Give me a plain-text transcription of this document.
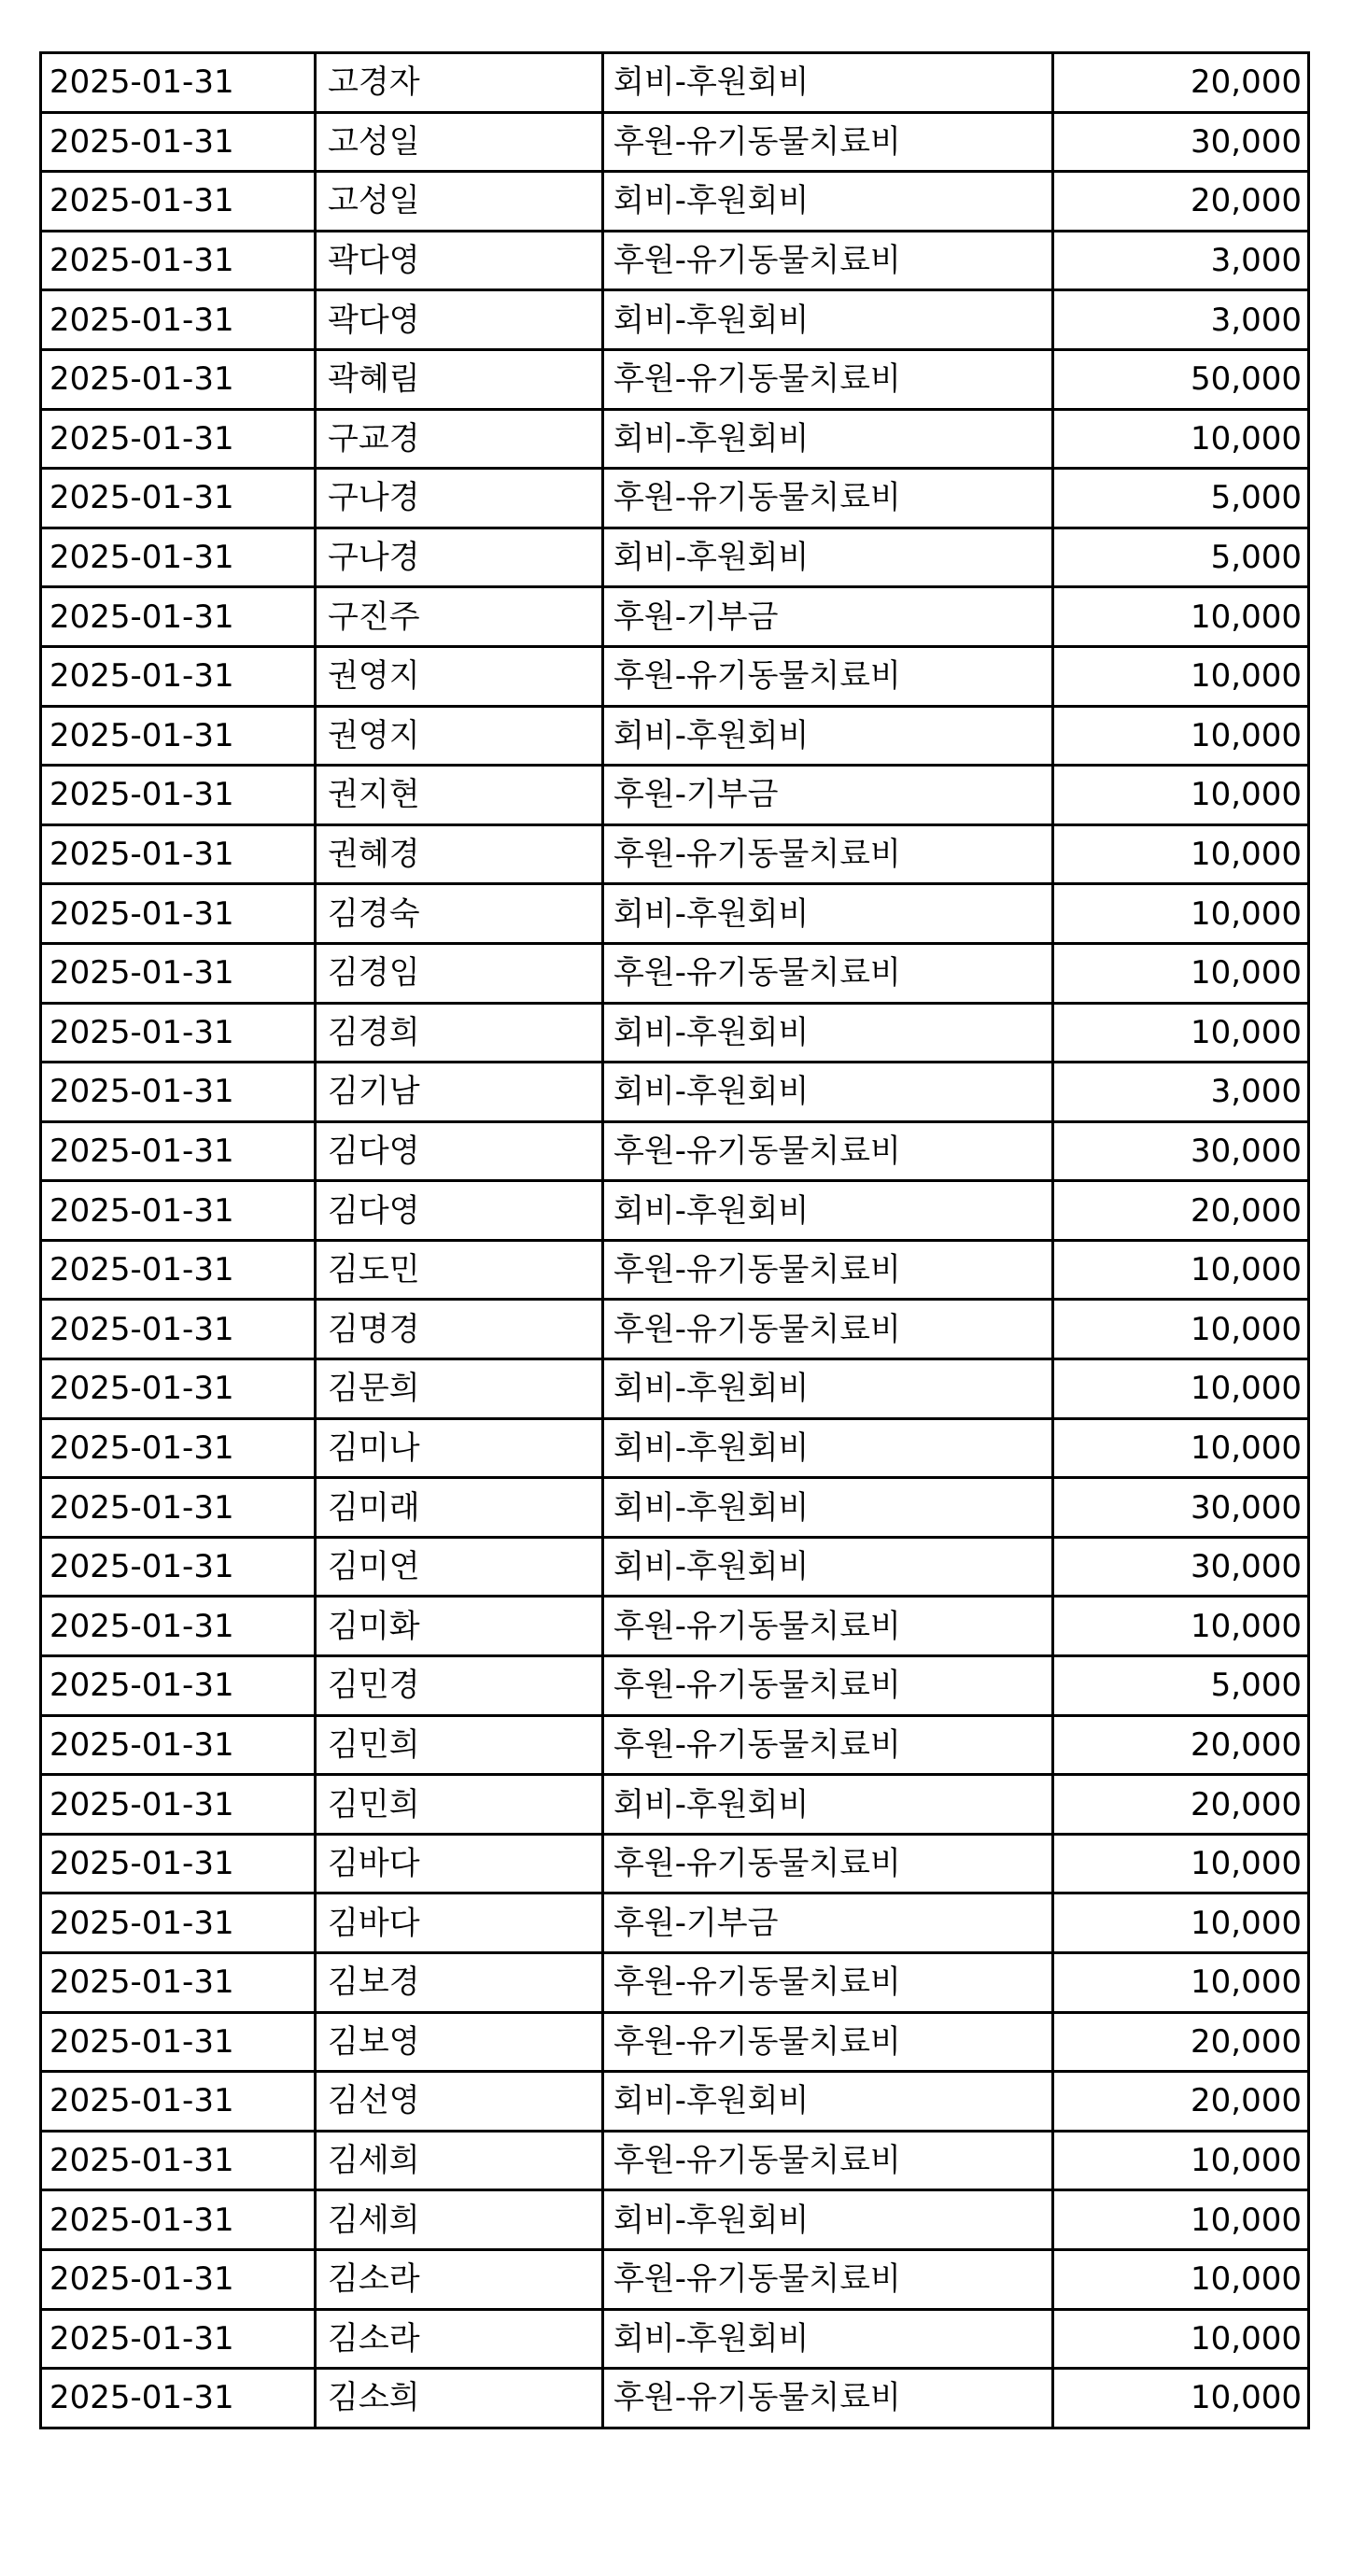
2025-01-31	고경자	회비-후원회비	20,000
2025-01-31	고성일	후원-유기동물치료비	30,000
2025-01-31	고성일	회비-후원회비	20,000
2025-01-31	곽다영	후원-유기동물치료비	3,000
2025-01-31	곽다영	회비-후원회비	3,000
2025-01-31	곽혜림	후원-유기동물치료비	50,000
2025-01-31	구교경	회비-후원회비	10,000
2025-01-31	구나경	후원-유기동물치료비	5,000
2025-01-31	구나경	회비-후원회비	5,000
2025-01-31	구진주	후원-기부금	10,000
2025-01-31	권영지	후원-유기동물치료비	10,000
2025-01-31	권영지	회비-후원회비	10,000
2025-01-31	권지현	후원-기부금	10,000
2025-01-31	권혜경	후원-유기동물치료비	10,000
2025-01-31	김경숙	회비-후원회비	10,000
2025-01-31	김경임	후원-유기동물치료비	10,000
2025-01-31	김경희	회비-후원회비	10,000
2025-01-31	김기남	회비-후원회비	3,000
2025-01-31	김다영	후원-유기동물치료비	30,000
2025-01-31	김다영	회비-후원회비	20,000
2025-01-31	김도민	후원-유기동물치료비	10,000
2025-01-31	김명경	후원-유기동물치료비	10,000
2025-01-31	김문희	회비-후원회비	10,000
2025-01-31	김미나	회비-후원회비	10,000
2025-01-31	김미래	회비-후원회비	30,000
2025-01-31	김미연	회비-후원회비	30,000
2025-01-31	김미화	후원-유기동물치료비	10,000
2025-01-31	김민경	후원-유기동물치료비	5,000
2025-01-31	김민희	후원-유기동물치료비	20,000
2025-01-31	김민희	회비-후원회비	20,000
2025-01-31	김바다	후원-유기동물치료비	10,000
2025-01-31	김바다	후원-기부금	10,000
2025-01-31	김보경	후원-유기동물치료비	10,000
2025-01-31	김보영	후원-유기동물치료비	20,000
2025-01-31	김선영	회비-후원회비	20,000
2025-01-31	김세희	후원-유기동물치료비	10,000
2025-01-31	김세희	회비-후원회비	10,000
2025-01-31	김소라	후원-유기동물치료비	10,000
2025-01-31	김소라	회비-후원회비	10,000
2025-01-31	김소희	후원-유기동물치료비	10,000
